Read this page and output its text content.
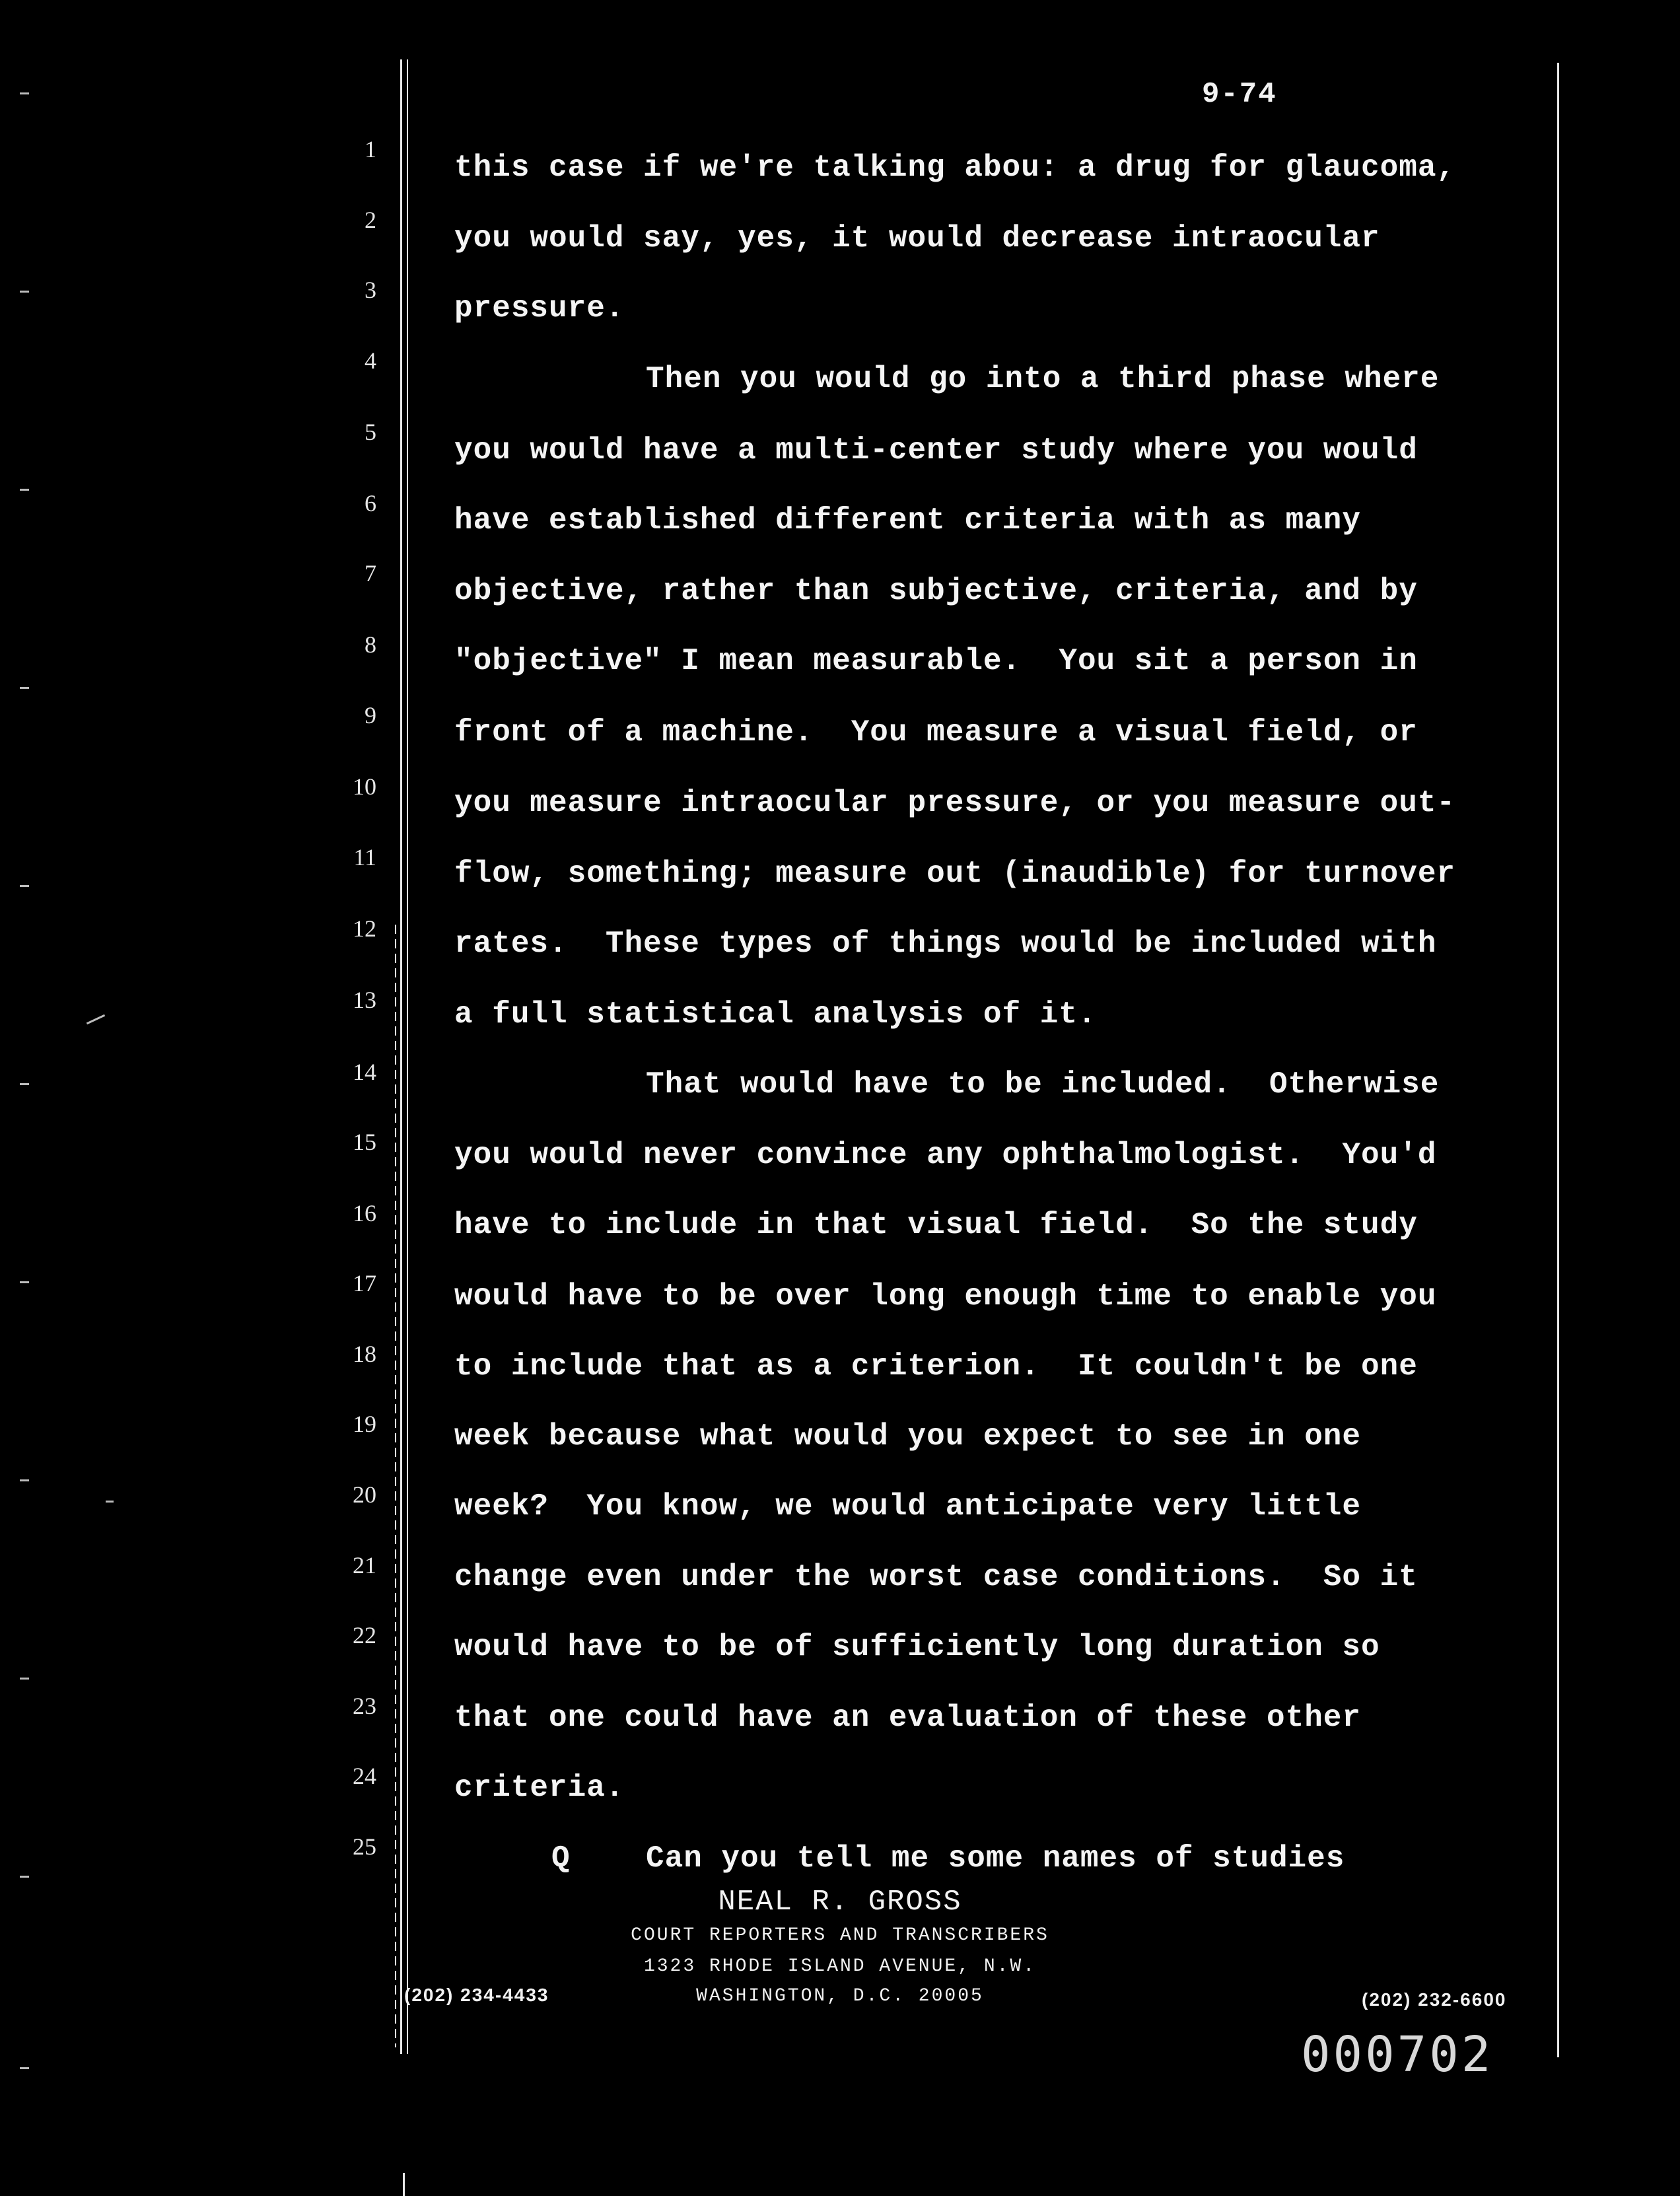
9-74
1
2
3
4
5
6
7
8
9
10
11
12
13
14
15
16
17
18
19
20
21
22
23
24
25
this case if we're talking abou: a drug for glaucoma,
you would say, yes, it would decrease intraocular
pressure.
Then you would go into a third phase where
you would have a multi-center study where you would
have established different criteria with as many
objective, rather than subjective, criteria, and by
"objective" I mean measurable.  You sit a person in
front of a machine.  You measure a visual field, or
you measure intraocular pressure, or you measure out-
flow, something; measure out (inaudible) for turnover
rates.  These types of things would be included with
a full statistical analysis of it.
That would have to be included.  Otherwise
you would never convince any ophthalmologist.  You'd
have to include in that visual field.  So the study
would have to be over long enough time to enable you
to include that as a criterion.  It couldn't be one
week because what would you expect to see in one
week?  You know, we would anticipate very little
change even under the worst case conditions.  So it
would have to be of sufficiently long duration so
that one could have an evaluation of these other
criteria.
Q	Can you tell me some names of studies
NEAL R. GROSS
COURT REPORTERS AND TRANSCRIBERS
1323 RHODE ISLAND AVENUE, N.W.
WASHINGTON, D.C. 20005
(202) 234-4433	(202) 232-6600
000702
